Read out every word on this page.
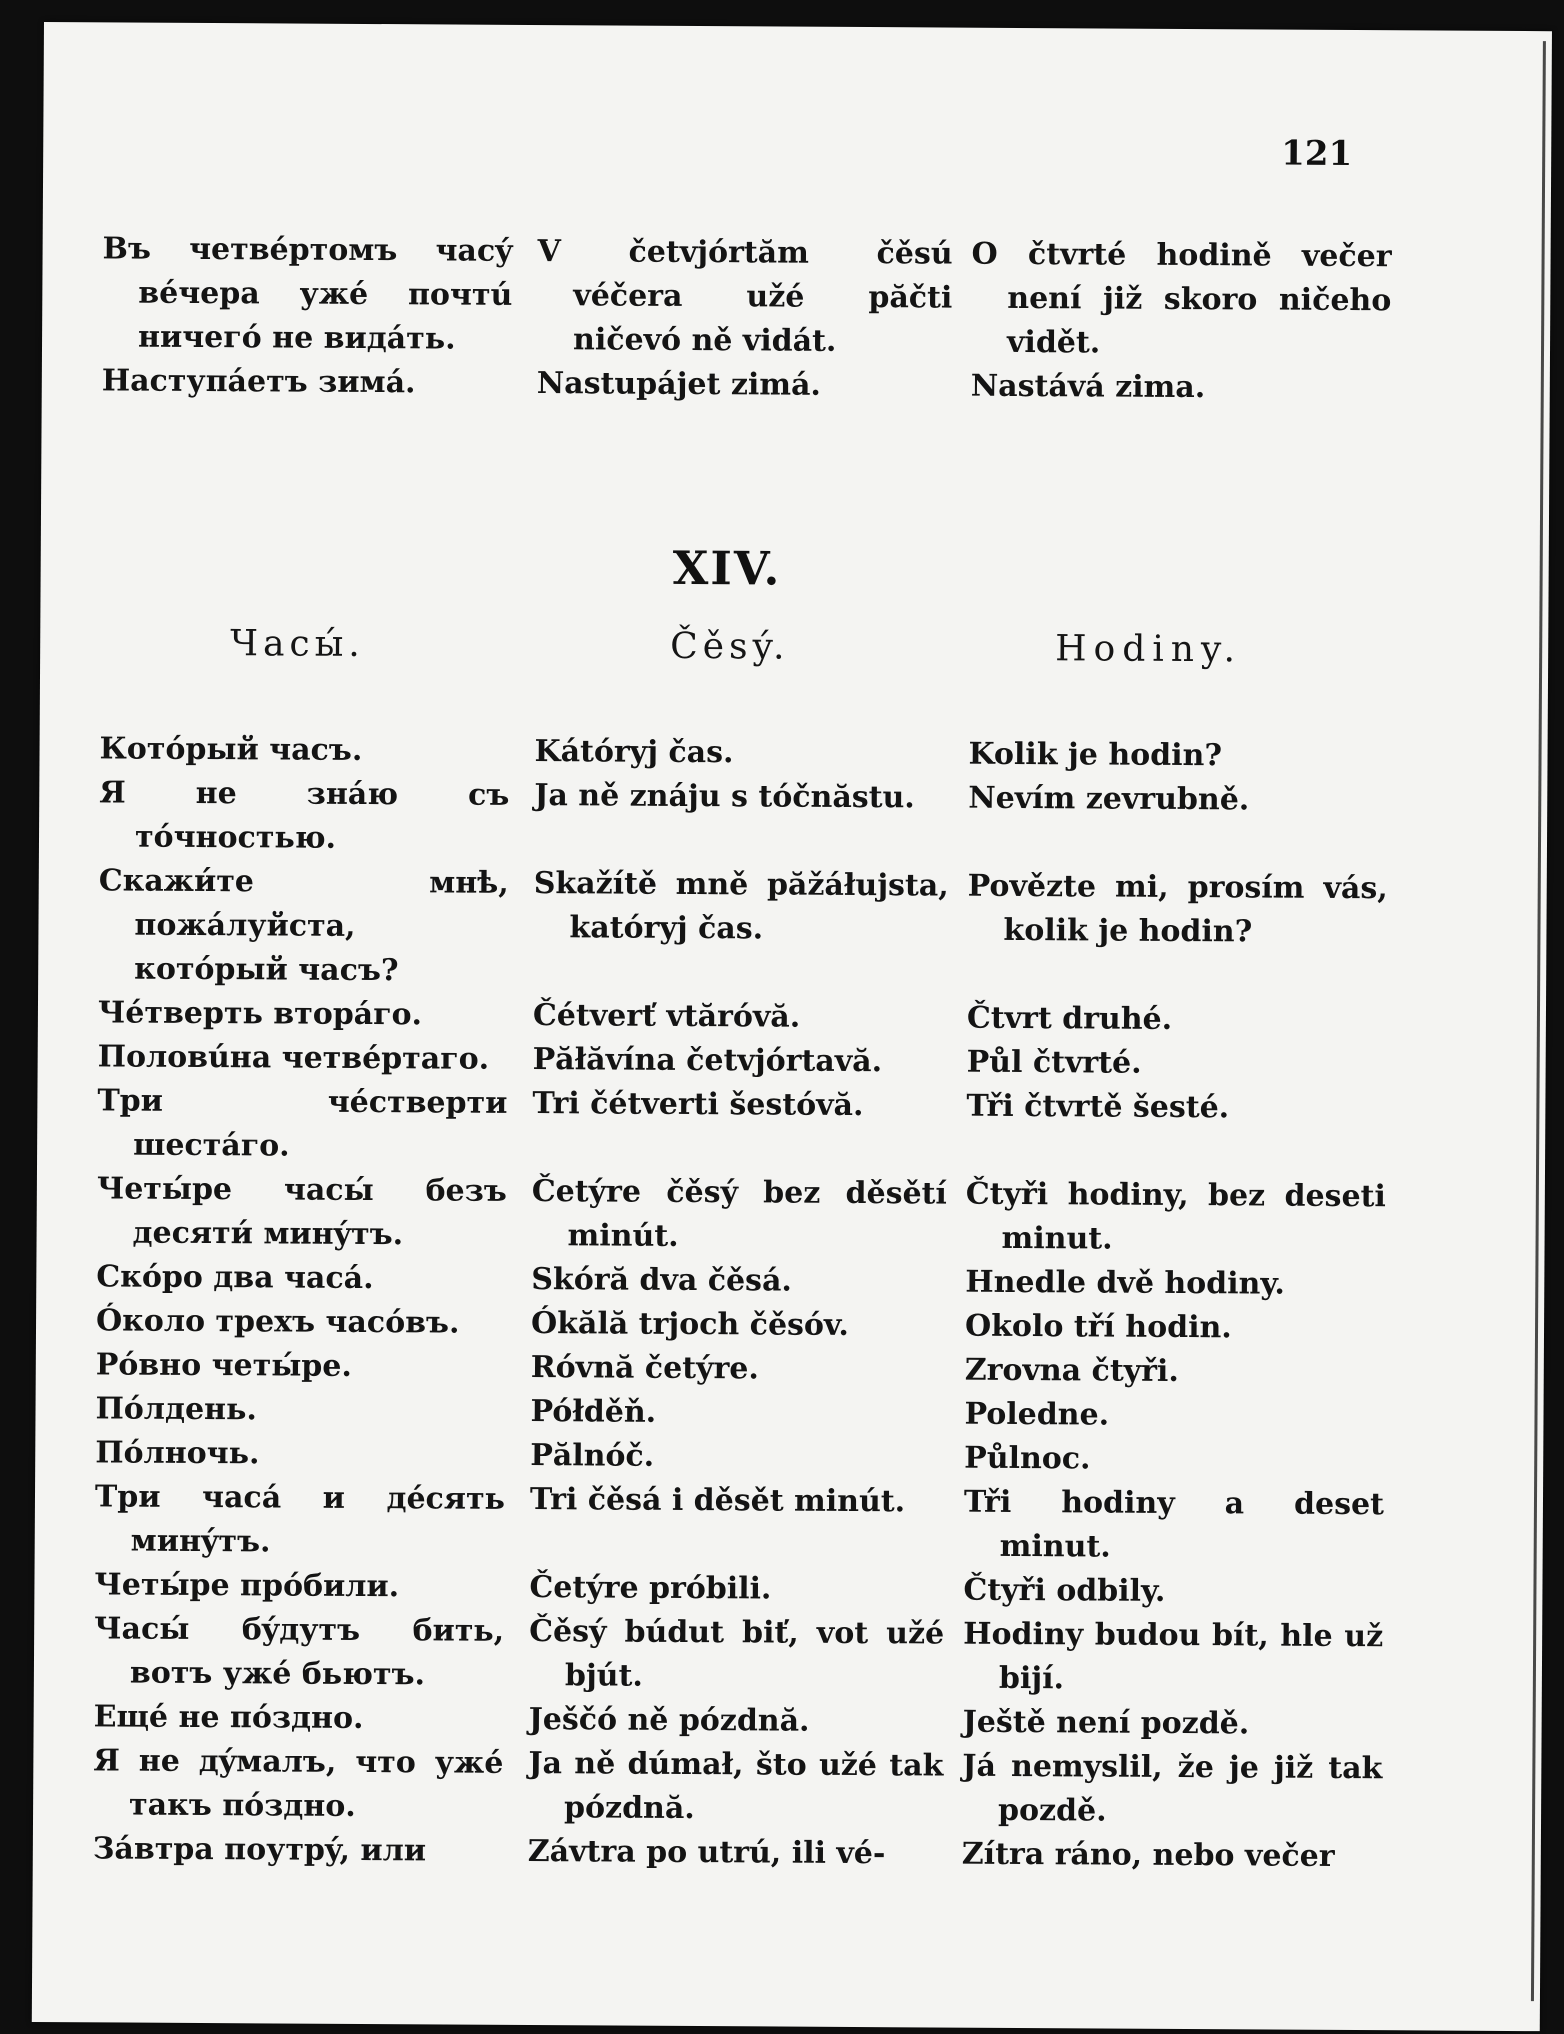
121

Въ четвéртомъ часý вéчера ужé почтú ничегó не видáть.

Наступáетъ зимá.

V četvjórtăm čěsú véčera užé păčti ničevó ně vidát.

Nastupájet zimá.

O čtvrté hodině večer není již skoro ničeho vidět.

Nastává zima.

XIV.
Часы́.	Čěsý.	Hodiny.

Котóрый часъ.

Я не знáю съ тóчностью.

Скажи́те мнѣ, пожáлуйста, котóрый часъ?

Чéтверть вторáго.

Половúна четвéртаго.

Три чéстверти шестáго.

Четы́ре часы́ безъ десяти́ минýтъ.

Скóро два часá.

Óколо трехъ часóвъ.

Рóвно четы́ре.

Пóлдень.

Пóлночь.

Три часá и дéсять минýтъ.

Четы́ре прóбили.

Часы́ бýдутъ бить, вотъ ужé бьютъ.

Ещé не пóздно.

Я не дýмалъ, что ужé такъ пóздно.

Зáвтра поутрý, или

Kátóryj čas.

Ja ně znáju s tóčnăstu.

Skažítě mně păžáłujsta, katóryj čas.

Čétverť vtăróvă.

Păłăvína četvjórtavă.

Tri čétverti šestóvă.

Četýre čěsý bez děsětí minút.

Skóră dva čěsá.

Ókălă trjoch čěsóv.

Róvnă četýre.

Półděň.

Pălnóč.

Tri čěsá i děsět minút.

Četýre próbili.

Čěsý búdut biť, vot užé bjút.

Ješčó ně pózdnă.

Ja ně dúmał, što užé tak pózdnă.

Závtra po utrú, ili vé-

Kolik je hodin?

Nevím zevrubně.

Povězte mi, prosím vás, kolik je hodin?

Čtvrt druhé.

Půl čtvrté.

Tři čtvrtě šesté.

Čtyři hodiny, bez deseti minut.

Hnedle dvě hodiny.

Okolo tří hodin.

Zrovna čtyři.

Poledne.

Půlnoc.

Tři hodiny a deset minut.

Čtyři odbily.

Hodiny budou bít, hle už bijí.

Ještě není pozdě.

Já nemyslil, že je již tak pozdě.

Zítra ráno, nebo večer
